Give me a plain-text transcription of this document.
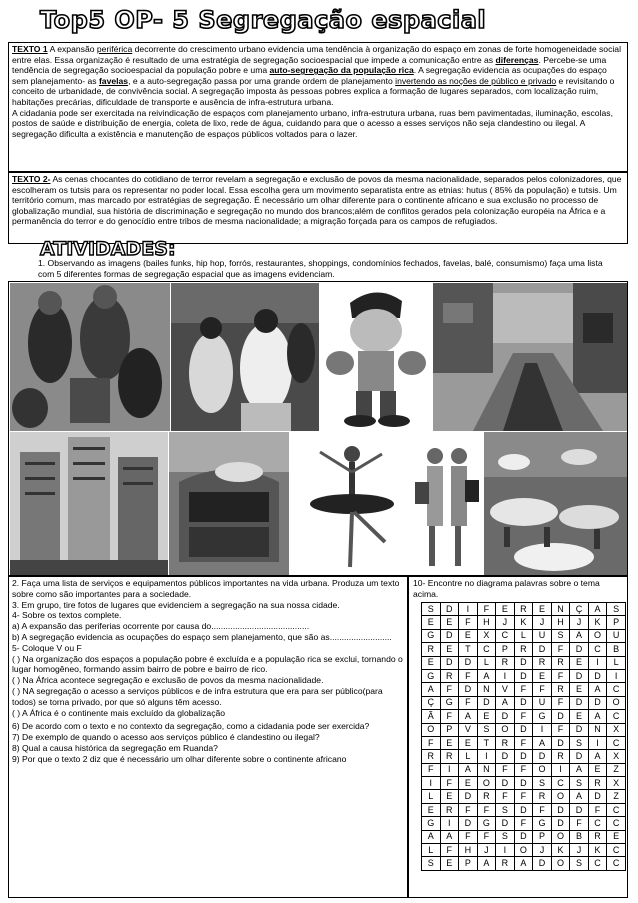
Top5 OP- 5 Segregação espacial
TEXTO 1 A expansão periférica decorrente do crescimento urbano evidencia uma tendência à organização do espaço em zonas de forte homogeneidade social entre elas. Essa organização é resultado de uma estratégia de segregação socioespacial que impede a comunicação entre as diferenças. Percebe-se uma tendência de segregação socioespacial da população pobre e uma auto-segregação da população rica. A segregação evidencia as ocupações do espaço sem planejamento- as favelas, e a auto-segregação passa por uma grande ordem de planejamento invertendo as noções de público e privado e revisitando o conceito de urbanidade, de convivência social. A segregação imposta às pessoas pobres explica a formação de lugares separados, com localização ruim, habitações precárias, dificuldade de transporte e ausência de infra-estrutura urbana.
A cidadania pode ser exercitada na reivindicação de espaços com planejamento urbano, infra-estrutura urbana, ruas bem pavimentadas, iluminação, escolas, postos de saúde e distribuição de energia, coleta de lixo, rede de água, cuidando para que o acesso a esses serviços não seja clandestino ou ilegal. A segregação dificulta a existência e manutenção de espaços públicos voltados para o lazer.
TEXTO 2- As cenas chocantes do cotidiano de terror revelam a segregação e exclusão de povos da mesma nacionalidade, separados pelos colonizadores, que escolheram os tutsis para os representar no poder local. Essa escolha gera um movimento separatista entre as etnias: hutus ( 85% da população) e tutsis. Um território comum, mas marcado por estratégias de segregação. É necessário um olhar diferente para o continente africano e sua exclusão no processo de globalização mundial, sua história de discriminação e segregação no mundo dos brancos;além de conflitos gerados pela colonização européia na África e a permanência do terror e do genocídio entre tribos de mesma nacionalidade; a migração forçada para os campos de refugiados.
ATIVIDADES:
1. Observando as imagens (bailes funks, hip hop, forrós, restaurantes, shoppings, condomínios fechados, favelas, balé, consumismo) faça uma lista com 5 diferentes formas de segregação espacial que as imagens evidenciam.

2. Faça uma lista de serviços e equipamentos públicos importantes na vida urbana. Produza um texto sobre como são importantes para a sociedade.

3. Em grupo, tire fotos de lugares que evidenciem a segregação na sua nossa cidade.

4- Sobre os textos complete.

a) A expansão das periferias ocorrente por causa do.........................................

b) A segregação evidencia as ocupações do espaço sem planejamento, que são as..........................

5- Coloque V ou F

( ) Na organização dos espaços a população pobre é excluída e a população rica se exclui, tornando o lugar homogêneo, formando assim bairro de pobre e bairro de rico.

( ) Na África acontece segregação e exclusão de povos da mesma nacionalidade.

( ) NA segregação o acesso a serviços públicos e de infra estrutura que era para ser público(para todos) se torna privado, por que só alguns têm acesso.

( ) A África é o continente mais excluído da globalização

6) De acordo com o texto e no contexto da segregação, como a cidadania pode ser exercida?

7) De exemplo de quando o acesso aos serviços público é clandestino ou ilegal?

8) Qual a causa histórica da segregação em Ruanda?

9) Por que o texto 2 diz que é necessário um olhar diferente sobre o continente africano

10- Encontre no diagrama palavras sobre o tema acima.
S	D	I	F	E	R	E	N	Ç	A	S
E	E	F	H	J	K	J	H	J	K	P
G	D	E	X	C	L	U	S	A	O	U
R	E	T	C	P	R	D	F	D	C	B
E	D	D	L	R	D	R	R	E	I	L
G	R	F	A	I	D	E	F	D	D	I
A	F	D	N	V	F	F	R	E	A	C
Ç	G	F	D	A	D	U	F	D	D	O
Ã	F	A	E	D	F	G	D	E	A	C
O	P	V	S	O	D	I	F	D	N	X
F	E	E	T	R	F	A	D	S	I	C
R	R	L	I	D	D	D	R	D	A	X
F	I	A	N	F	F	O	I	A	E	Z
I	F	E	O	D	D	S	C	S	R	X
L	E	D	R	F	F	R	O	A	D	Z
E	R	F	F	S	D	F	D	D	F	C
G	I	D	G	D	F	G	D	F	C	C
A	A	F	F	S	D	P	O	B	R	E
L	F	H	J	I	O	J	K	J	K	C
S	E	P	A	R	A	D	O	S	C	C
